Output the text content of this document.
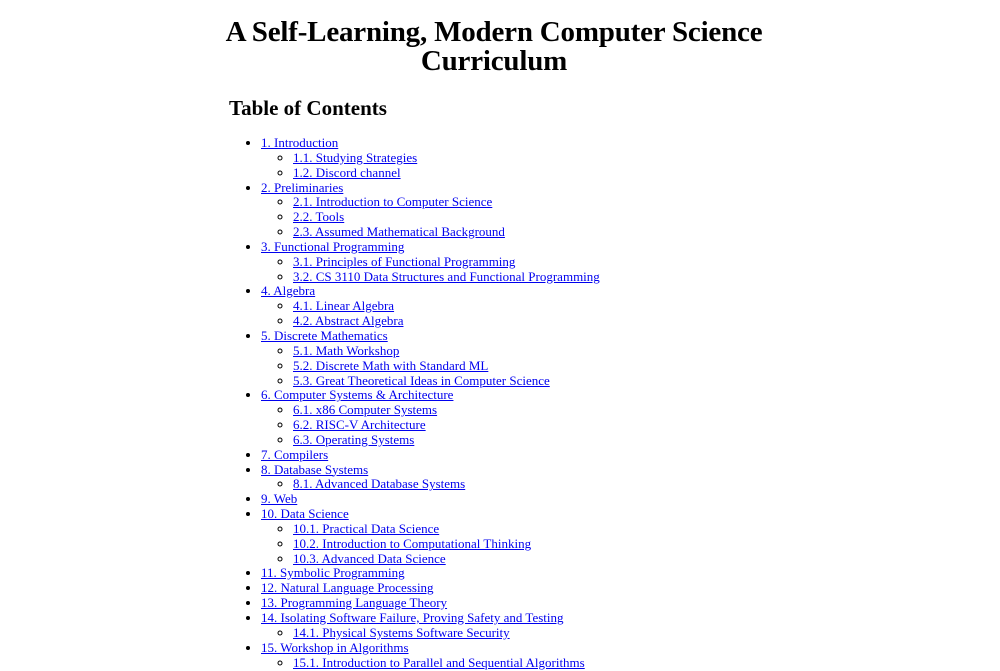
A Self-Learning, Modern Computer Science Curriculum
Table of Contents
• 1. Introduction
◦ 1.1. Studying Strategies
◦ 1.2. Discord channel
• 2. Preliminaries
◦ 2.1. Introduction to Computer Science
◦ 2.2. Tools
◦ 2.3. Assumed Mathematical Background
• 3. Functional Programming
◦ 3.1. Principles of Functional Programming
◦ 3.2. CS 3110 Data Structures and Functional Programming
• 4. Algebra
◦ 4.1. Linear Algebra
◦ 4.2. Abstract Algebra
• 5. Discrete Mathematics
◦ 5.1. Math Workshop
◦ 5.2. Discrete Math with Standard ML
◦ 5.3. Great Theoretical Ideas in Computer Science
• 6. Computer Systems & Architecture
◦ 6.1. x86 Computer Systems
◦ 6.2. RISC-V Architecture
◦ 6.3. Operating Systems
• 7. Compilers
• 8. Database Systems
◦ 8.1. Advanced Database Systems
• 9. Web
• 10. Data Science
◦ 10.1. Practical Data Science
◦ 10.2. Introduction to Computational Thinking
◦ 10.3. Advanced Data Science
• 11. Symbolic Programming
• 12. Natural Language Processing
• 13. Programming Language Theory
• 14. Isolating Software Failure, Proving Safety and Testing
◦ 14.1. Physical Systems Software Security
• 15. Workshop in Algorithms
◦ 15.1. Introduction to Parallel and Sequential Algorithms
